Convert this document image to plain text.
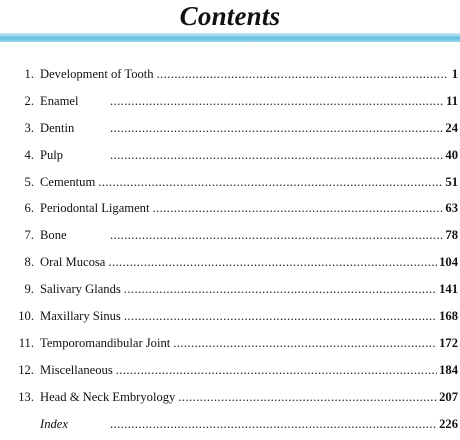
Contents
1. Development of Tooth .....	1
2. Enamel .....	11
3. Dentin .....	24
4. Pulp .....	40
5. Cementum .....	51
6. Periodontal Ligament .....	63
7. Bone .....	78
8. Oral Mucosa .....	104
9. Salivary Glands .....	141
10. Maxillary Sinus .....	168
11. Temporomandibular Joint .....	172
12. Miscellaneous .....	184
13. Head & Neck Embryology .....	207
Index .....	226
